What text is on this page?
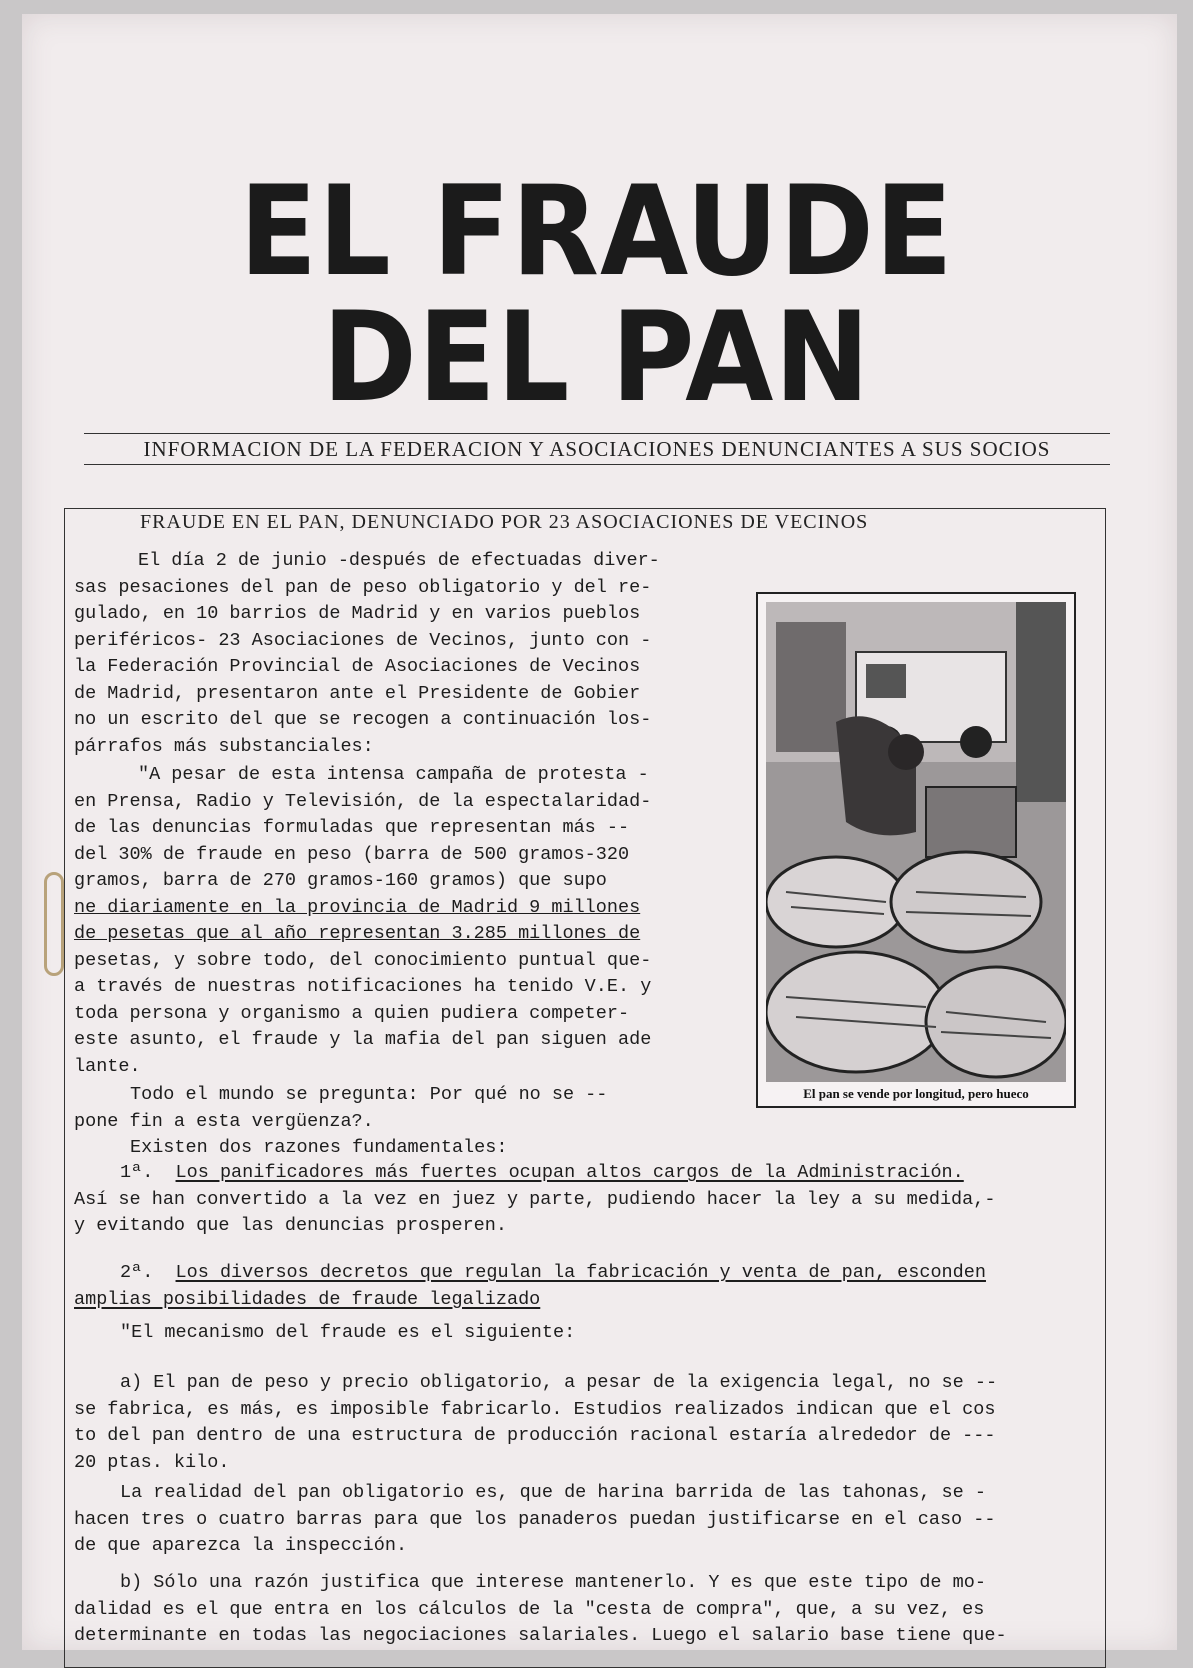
EL FRAUDE
DEL PAN
INFORMACION DE LA FEDERACION Y ASOCIACIONES DENUNCIANTES A SUS SOCIOS
FRAUDE EN EL PAN, DENUNCIADO POR 23 ASOCIACIONES DE VECINOS
El día 2 de junio -después de efectuadas diver-
sas pesaciones del pan de peso obligatorio y del re-
gulado, en 10 barrios de Madrid y en varios pueblos
periféricos- 23 Asociaciones de Vecinos, junto con -
la Federación Provincial de Asociaciones de Vecinos
de Madrid, presentaron ante el Presidente de Gobier
no un escrito del que se recogen a continuación los-
párrafos más substanciales:
"A pesar de esta intensa campaña de protesta -
en Prensa, Radio y Televisión, de la espectalaridad-
de las denuncias formuladas que representan más --
del 30% de fraude en peso (barra de 500 gramos-320
gramos, barra de 270 gramos-160 gramos) que supo
ne diariamente en la provincia de Madrid 9 millones
de pesetas que al año representan 3.285 millones de
pesetas, y sobre todo, del conocimiento puntual que-
a través de nuestras notificaciones ha tenido V.E. y
toda persona y organismo a quien pudiera competer-
este asunto, el fraude y la mafia del pan siguen ade
lante.
Todo el mundo se pregunta: Por qué no se --
pone fin a esta vergüenza?.
Existen dos razones fundamentales:
El pan se vende por longitud, pero hueco
1ª. Los panificadores más fuertes ocupan altos cargos de la Administración.
Así se han convertido a la vez en juez y parte, pudiendo hacer la ley a su medida,-
y evitando que las denuncias prosperen.
2ª. Los diversos decretos que regulan la fabricación y venta de pan, esconden
amplias posibilidades de fraude legalizado
"El mecanismo del fraude es el siguiente:
a) El pan de peso y precio obligatorio, a pesar de la exigencia legal, no se --
se fabrica, es más, es imposible fabricarlo. Estudios realizados indican que el cos
to del pan dentro de una estructura de producción racional estaría alrededor de ---
20 ptas. kilo.
La realidad del pan obligatorio es, que de harina barrida de las tahonas, se -
hacen tres o cuatro barras para que los panaderos puedan justificarse en el caso --
de que aparezca la inspección.
b) Sólo una razón justifica que interese mantenerlo. Y es que este tipo de mo-
dalidad es el que entra en los cálculos de la "cesta de compra", que, a su vez, es
determinante en todas las negociaciones salariales. Luego el salario base tiene que-
